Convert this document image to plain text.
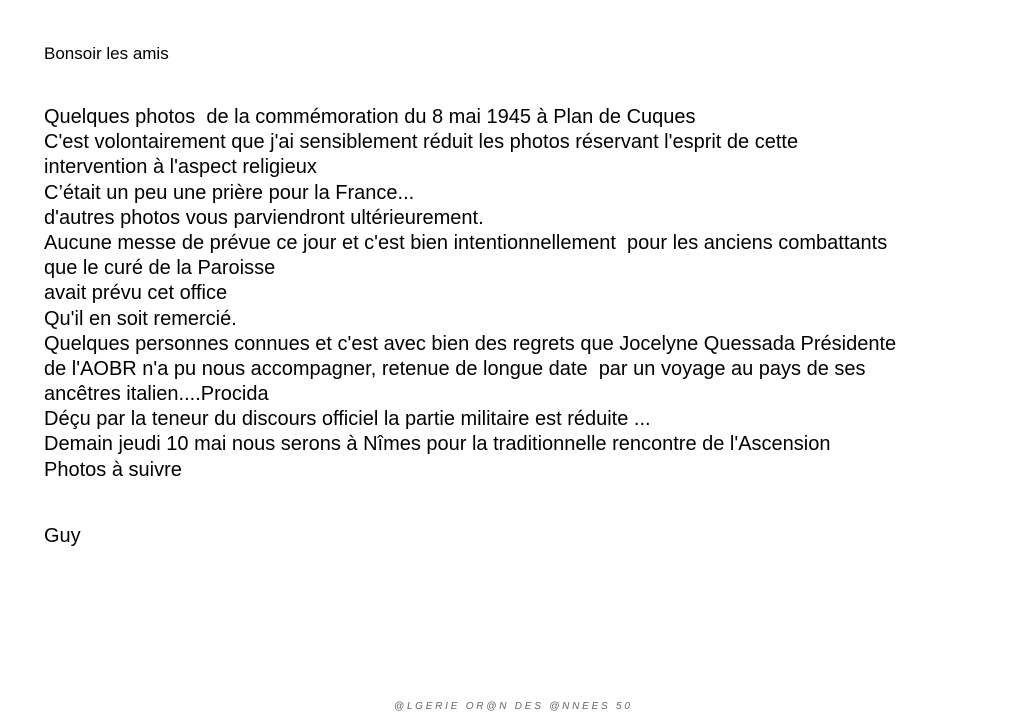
Bonsoir les amis
Quelques photos  de la commémoration du 8 mai 1945 à Plan de Cuques
C'est volontairement que j'ai sensiblement réduit les photos réservant l'esprit de cette
intervention à l'aspect religieux
C’était un peu une prière pour la France...
d'autres photos vous parviendront ultérieurement.
Aucune messe de prévue ce jour et c'est bien intentionnellement  pour les anciens combattants
que le curé de la Paroisse
avait prévu cet office
Qu'il en soit remercié.
Quelques personnes connues et c'est avec bien des regrets que Jocelyne Quessada Présidente
de l'AOBR n'a pu nous accompagner, retenue de longue date  par un voyage au pays de ses
ancêtres italien....Procida
Déçu par la teneur du discours officiel la partie militaire est réduite ...
Demain jeudi 10 mai nous serons à Nîmes pour la traditionnelle rencontre de l'Ascension
Photos à suivre
Guy
@ L G E R I E   O R @ N   D E S   @ N N E E S   5 0
